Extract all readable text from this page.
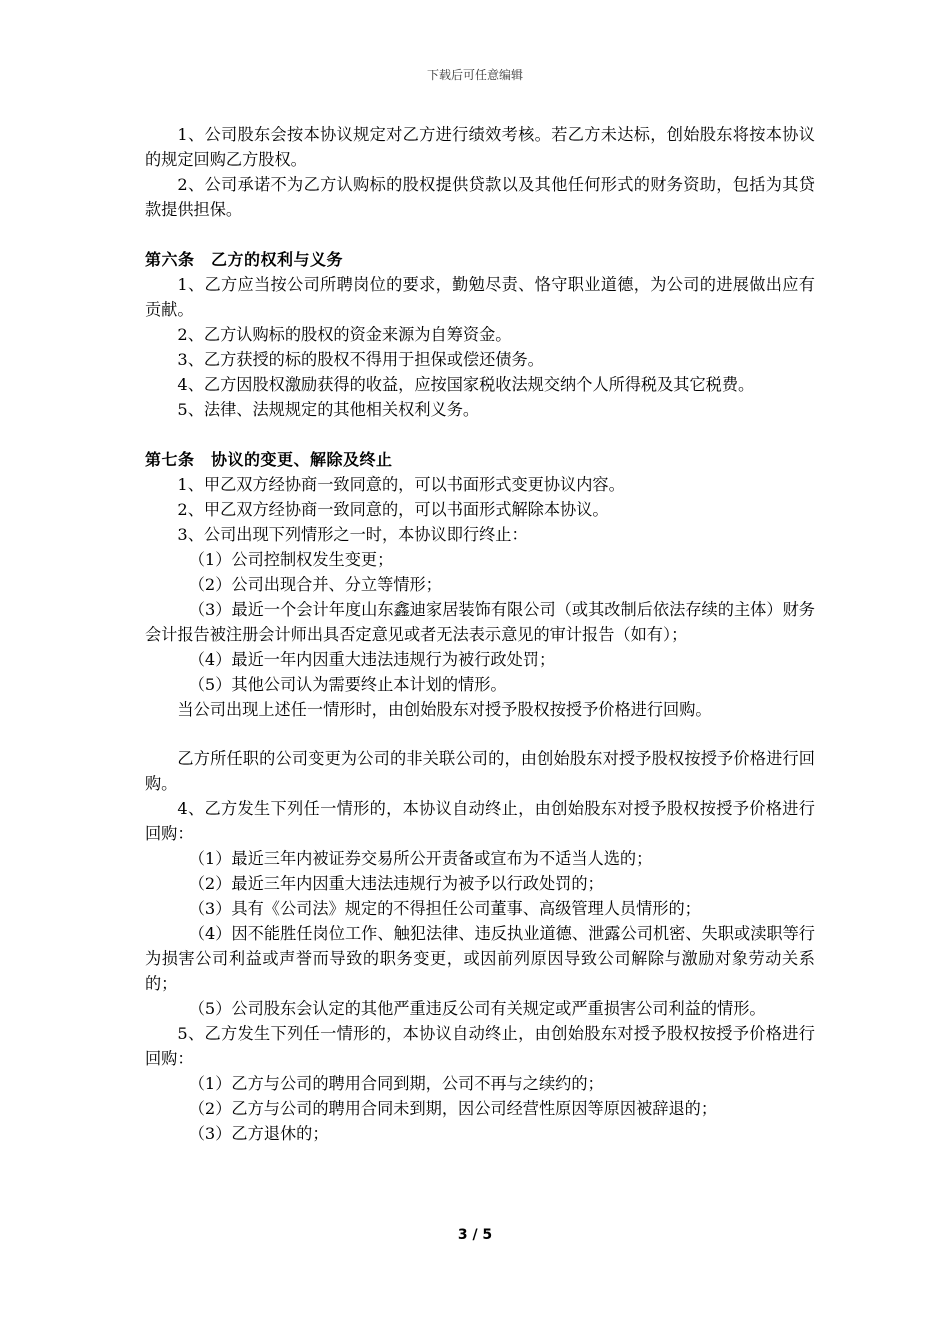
下载后可任意编辑

1、公司股东会按本协议规定对乙方进行绩效考核。若乙方未达标，创始股东将按本协议的规定回购乙方股权。

2、公司承诺不为乙方认购标的股权提供贷款以及其他任何形式的财务资助，包括为其贷款提供担保。

第六条　乙方的权利与义务

1、乙方应当按公司所聘岗位的要求，勤勉尽责、恪守职业道德，为公司的进展做出应有贡献。

2、乙方认购标的股权的资金来源为自筹资金。

3、乙方获授的标的股权不得用于担保或偿还债务。

4、乙方因股权激励获得的收益，应按国家税收法规交纳个人所得税及其它税费。

5、法律、法规规定的其他相关权利义务。

第七条　协议的变更、解除及终止

1、甲乙双方经协商一致同意的，可以书面形式变更协议内容。

2、甲乙双方经协商一致同意的，可以书面形式解除本协议。

3、公司出现下列情形之一时，本协议即行终止：

（1）公司控制权发生变更；

（2）公司出现合并、分立等情形；

（3）最近一个会计年度山东鑫迪家居装饰有限公司（或其改制后依法存续的主体）财务会计报告被注册会计师出具否定意见或者无法表示意见的审计报告（如有）；

（4）最近一年内因重大违法违规行为被行政处罚；

（5）其他公司认为需要终止本计划的情形。

当公司出现上述任一情形时，由创始股东对授予股权按授予价格进行回购。

乙方所任职的公司变更为公司的非关联公司的，由创始股东对授予股权按授予价格进行回购。

4、乙方发生下列任一情形的，本协议自动终止，由创始股东对授予股权按授予价格进行回购：

（1）最近三年内被证券交易所公开责备或宣布为不适当人选的；

（2）最近三年内因重大违法违规行为被予以行政处罚的；

（3）具有《公司法》规定的不得担任公司董事、高级管理人员情形的；

（4）因不能胜任岗位工作、触犯法律、违反执业道德、泄露公司机密、失职或渎职等行为损害公司利益或声誉而导致的职务变更，或因前列原因导致公司解除与激励对象劳动关系的；

（5）公司股东会认定的其他严重违反公司有关规定或严重损害公司利益的情形。

5、乙方发生下列任一情形的，本协议自动终止，由创始股东对授予股权按授予价格进行回购：

（1）乙方与公司的聘用合同到期，公司不再与之续约的；

（2）乙方与公司的聘用合同未到期，因公司经营性原因等原因被辞退的；

（3）乙方退休的；

3 / 5
